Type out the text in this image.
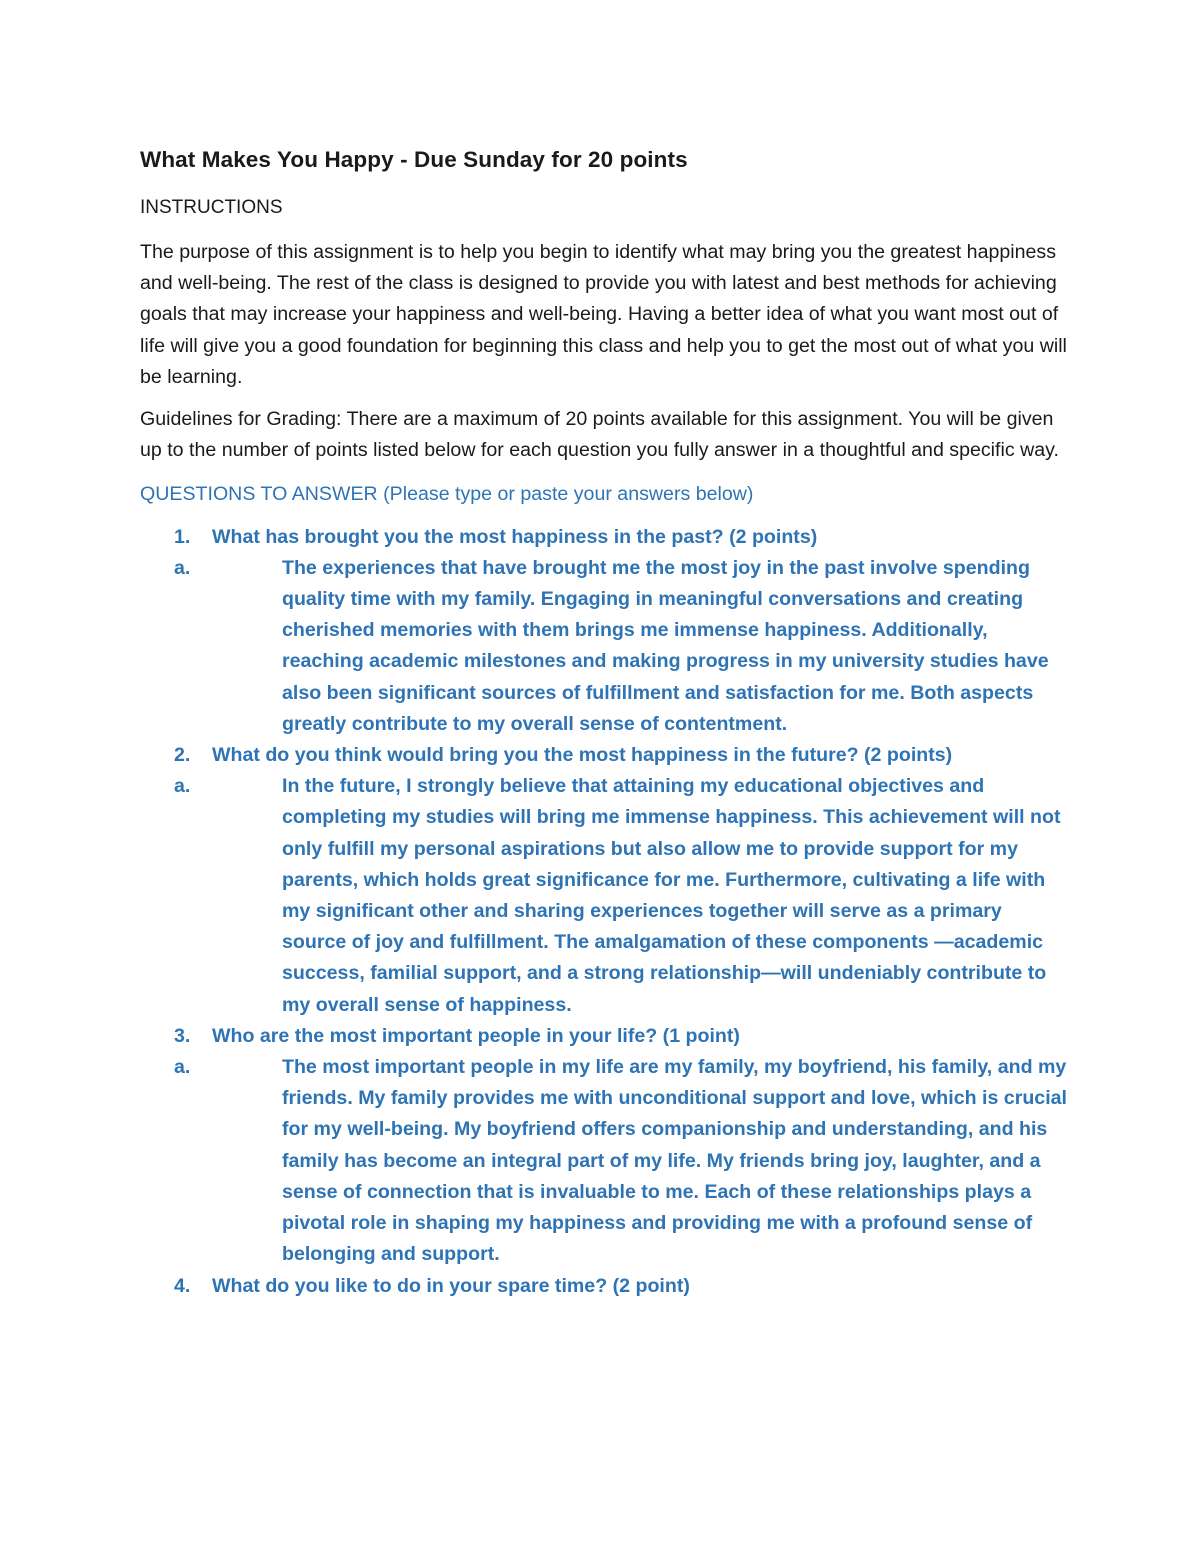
What Makes You Happy - Due Sunday for 20 points

INSTRUCTIONS

The purpose of this assignment is to help you begin to identify what may bring you the greatest happiness and well-being. The rest of the class is designed to provide you with latest and best methods for achieving goals that may increase your happiness and well-being. Having a better idea of what you want most out of life will give you a good foundation for beginning this class and help you to get the most out of what you will be learning.

Guidelines for Grading: There are a maximum of 20 points available for this assignment. You will be given up to the number of points listed below for each question you fully answer in a thoughtful and specific way.

QUESTIONS TO ANSWER (Please type or paste your answers below)

1. What has brought you the most happiness in the past? (2 points)
a.	The experiences that have brought me the most joy in the past involve spending quality time with my family. Engaging in meaningful conversations and creating cherished memories with them brings me immense happiness. Additionally, reaching academic milestones and making progress in my university studies have also been significant sources of fulfillment and satisfaction for me. Both aspects greatly contribute to my overall sense of contentment.
2. What do you think would bring you the most happiness in the future? (2 points)
a.	In the future, I strongly believe that attaining my educational objectives and completing my studies will bring me immense happiness. This achievement will not only fulfill my personal aspirations but also allow me to provide support for my parents, which holds great significance for me. Furthermore, cultivating a life with my significant other and sharing experiences together will serve as a primary source of joy and fulfillment. The amalgamation of these components —academic success, familial support, and a strong relationship—will undeniably contribute to my overall sense of happiness.
3. Who are the most important people in your life? (1 point)
a.	The most important people in my life are my family, my boyfriend, his family, and my friends. My family provides me with unconditional support and love, which is crucial for my well-being. My boyfriend offers companionship and understanding, and his family has become an integral part of my life. My friends bring joy, laughter, and a sense of connection that is invaluable to me. Each of these relationships plays a pivotal role in shaping my happiness and providing me with a profound sense of belonging and support.
4. What do you like to do in your spare time? (2 point)
